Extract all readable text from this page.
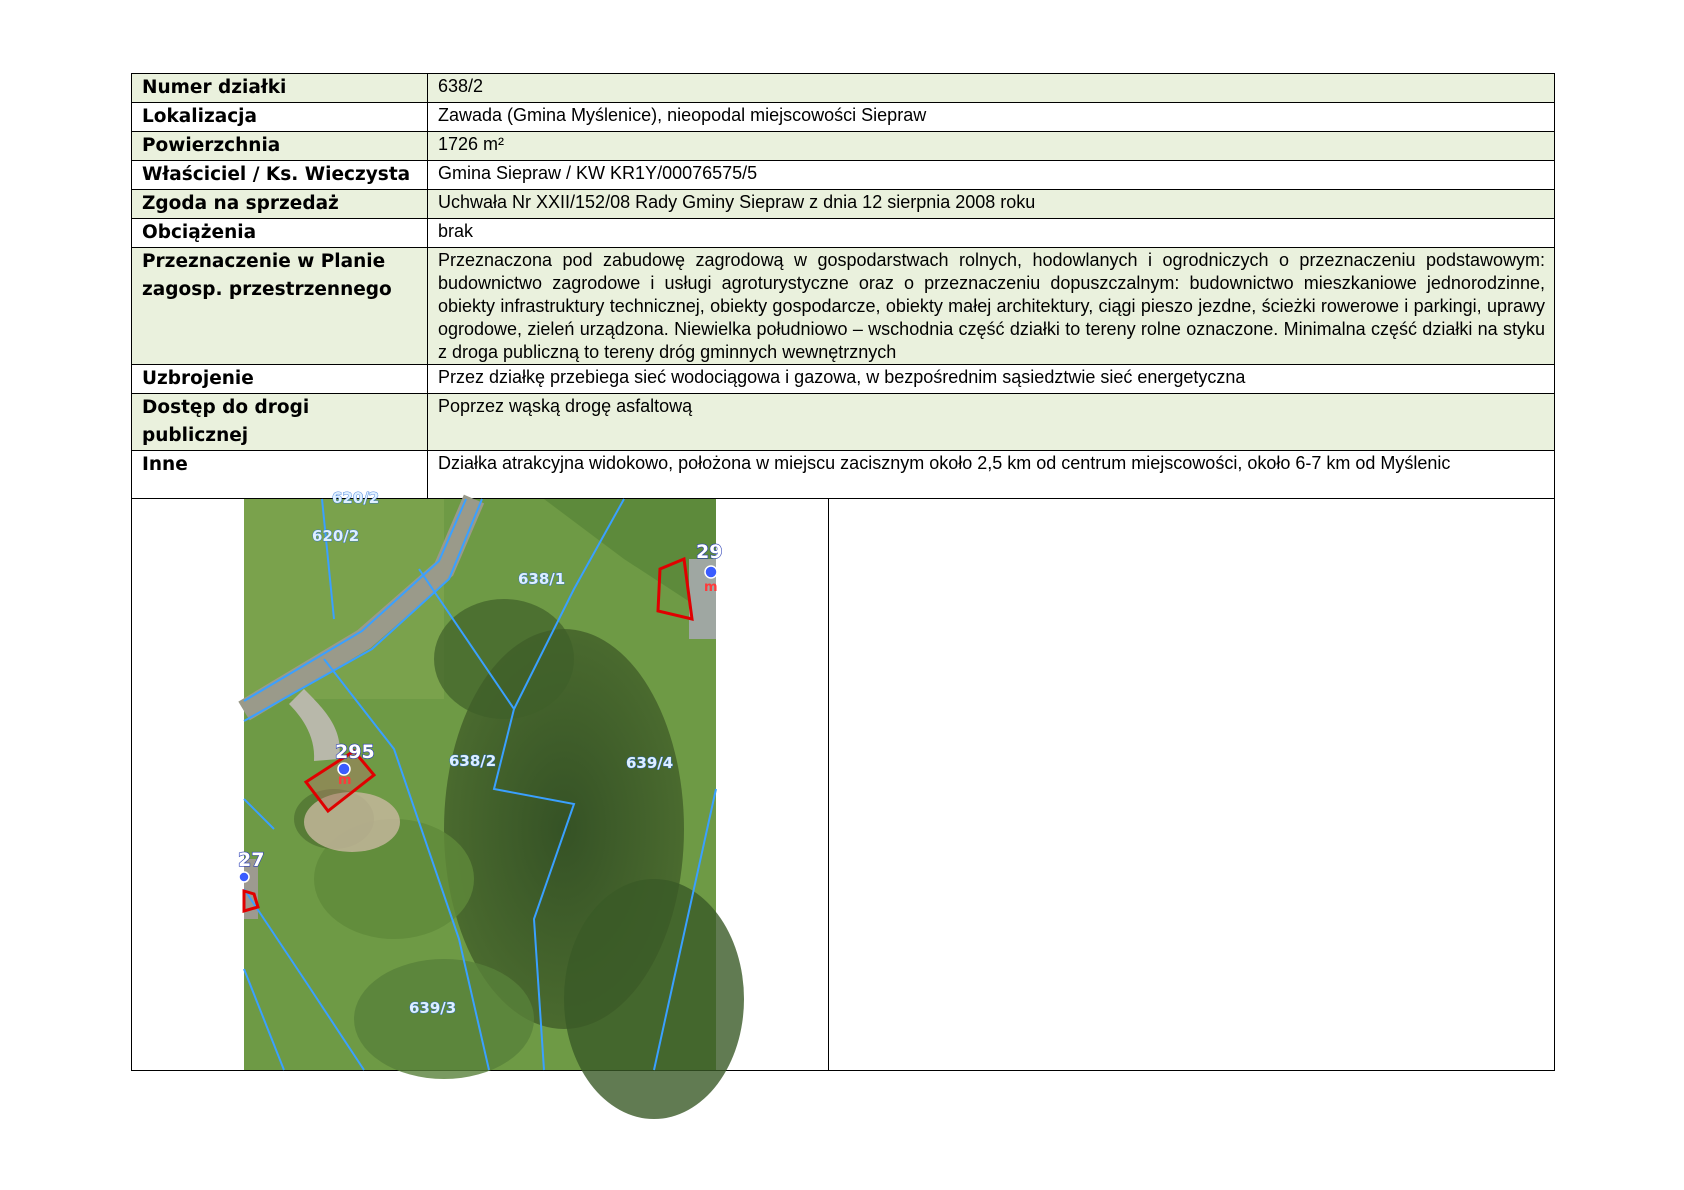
Numer działki	638/2
Lokalizacja	Zawada (Gmina Myślenice), nieopodal miejscowości Siepraw
Powierzchnia	1726 m²
Właściciel / Ks. Wieczysta	Gmina Siepraw / KW KR1Y/00076575/5
Zgoda na sprzedaż	Uchwała Nr XXII/152/08 Rady Gminy Siepraw z dnia 12 sierpnia 2008 roku
Obciążenia	brak
Przeznaczenie w Planie zagosp. przestrzennego	Przeznaczona pod zabudowę zagrodową w gospodarstwach rolnych, hodowlanych i ogrodniczych o przeznaczeniu podstawowym: budownictwo zagrodowe i usługi agroturystyczne oraz o przeznaczeniu dopuszczalnym: budownictwo mieszkaniowe jednorodzinne, obiekty infrastruktury technicznej, obiekty gospodarcze, obiekty małej architektury, ciągi pieszo jezdne, ścieżki rowerowe i parkingi, uprawy ogrodowe, zieleń urządzona. Niewielka południowo – wschodnia część działki to tereny rolne oznaczone. Minimalna część działki na styku z droga publiczną to tereny dróg gminnych wewnętrznych
Uzbrojenie	Przez działkę przebiega sieć wodociągowa i gazowa, w bezpośrednim sąsiedztwie sieć energetyczna
Dostęp do drogi publicznej	Poprzez wąską drogę asfaltową
Inne	Działka atrakcyjna widokowo, położona w miejscu zacisznym około 2,5 km od centrum miejscowości, około 6-7 km od Myślenic
620/2
620/2
638/1
638/2	639/4
639/3
295
29
27
m
m
